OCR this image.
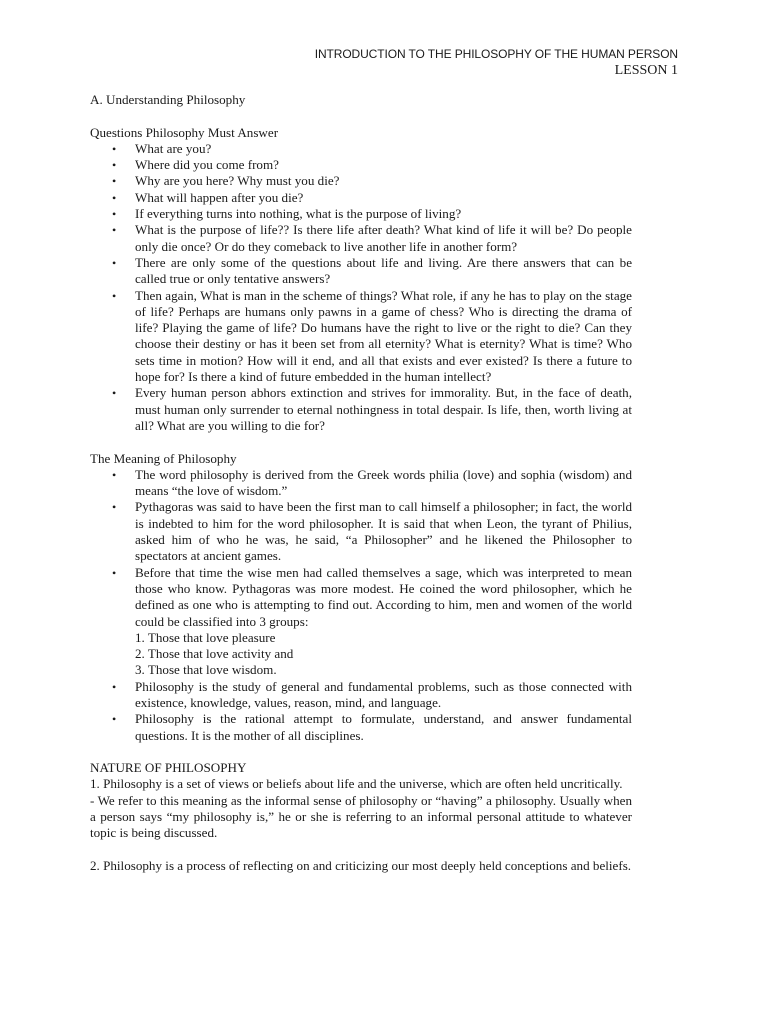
INTRODUCTION TO THE PHILOSOPHY OF THE HUMAN PERSON
LESSON 1

A. Understanding Philosophy

Questions Philosophy Must Answer

• What are you?
• Where did you come from?
• Why are you here? Why must you die?
• What will happen after you die?
• If everything turns into nothing, what is the purpose of living?
• What is the purpose of life?? Is there life after death? What kind of life it will be? Do people only die once? Or do they comeback to live another life in another form?
• There are only some of the questions about life and living. Are there answers that can be called true or only tentative answers?
• Then again, What is man in the scheme of things? What role, if any he has to play on the stage of life? Perhaps are humans only pawns in a game of chess? Who is directing the drama of life? Playing the game of life? Do humans have the right to live or the right to die? Can they choose their destiny or has it been set from all eternity? What is eternity? What is time? Who sets time in motion? How will it end, and all that exists and ever existed? Is there a future to hope for? Is there a kind of future embedded in the human intellect?
• Every human person abhors extinction and strives for immorality. But, in the face of death, must human only surrender to eternal nothingness in total despair. Is life, then, worth living at all? What are you willing to die for?

The Meaning of Philosophy

• The word philosophy is derived from the Greek words philia (love) and sophia (wisdom) and means “the love of wisdom.”
• Pythagoras was said to have been the first man to call himself a philosopher; in fact, the world is indebted to him for the word philosopher. It is said that when Leon, the tyrant of Philius, asked him of who he was, he said, “a Philosopher” and he likened the Philosopher to spectators at ancient games.
• Before that time the wise men had called themselves a sage, which was interpreted to mean those who know. Pythagoras was more modest. He coined the word philosopher, which he defined as one who is attempting to find out. According to him, men and women of the world could be classified into 3 groups:
1. Those that love pleasure
2. Those that love activity and
3. Those that love wisdom.
• Philosophy is the study of general and fundamental problems, such as those connected with existence, knowledge, values, reason, mind, and language.
• Philosophy is the rational attempt to formulate, understand, and answer fundamental questions. It is the mother of all disciplines.

NATURE OF PHILOSOPHY

1. Philosophy is a set of views or beliefs about life and the universe, which are often held uncritically.

- We refer to this meaning as the informal sense of philosophy or “having” a philosophy. Usually when a person says “my philosophy is,” he or she is referring to an informal personal attitude to whatever topic is being discussed.

2. Philosophy is a process of reflecting on and criticizing our most deeply held conceptions and beliefs.
